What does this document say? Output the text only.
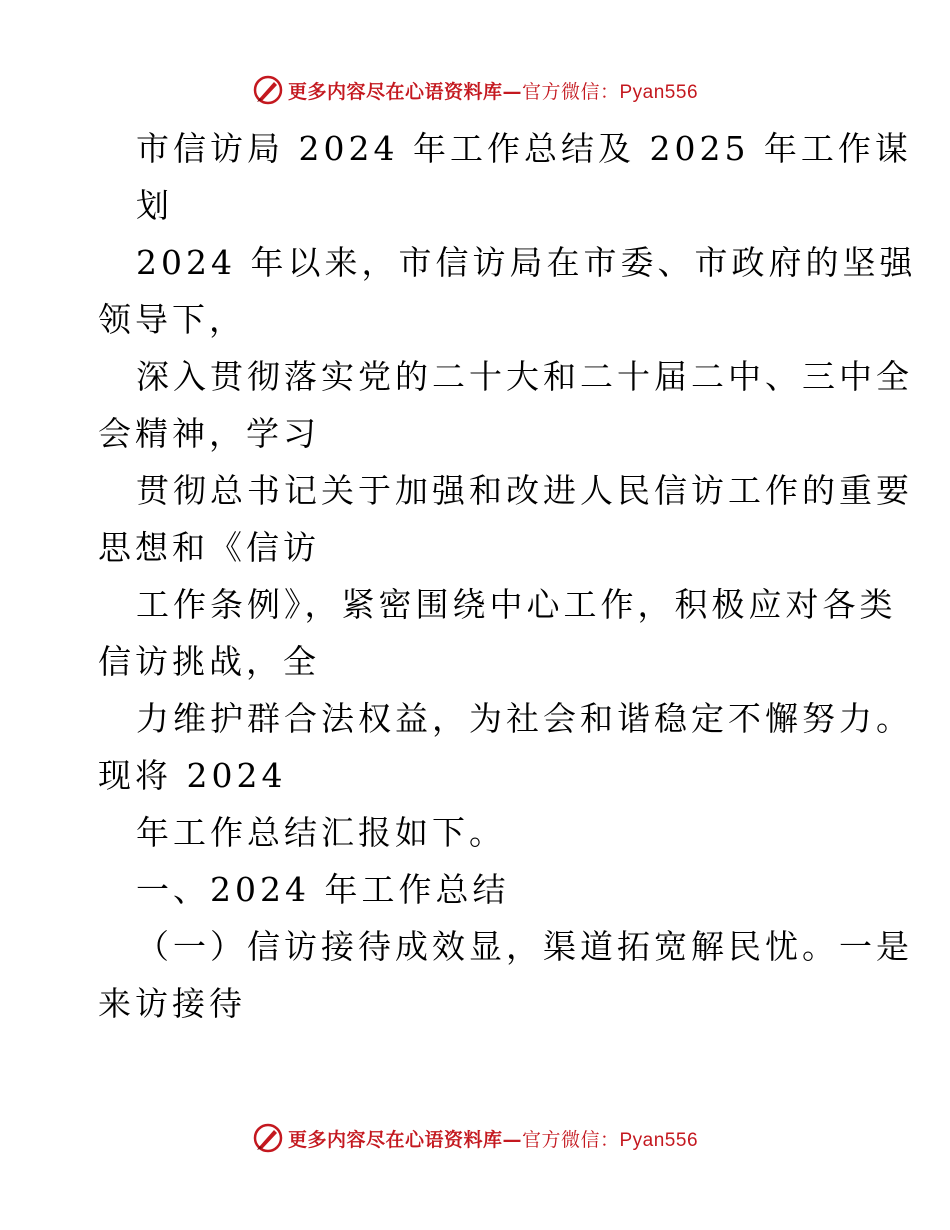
更多内容尽在心语资料库—官方微信：Pyan556
市信访局 2024 年工作总结及 2025 年工作谋
划
2024 年以来，市信访局在市委、市政府的坚强
领导下，
深入贯彻落实党的二十大和二十届二中、三中全
会精神，学习
贯彻总书记关于加强和改进人民信访工作的重要
思想和《信访
工作条例》，紧密围绕中心工作，积极应对各类
信访挑战，全
力维护群合法权益，为社会和谐稳定不懈努力。
现将 2024
年工作总结汇报如下。
一、2024 年工作总结
（一）信访接待成效显，渠道拓宽解民忧。一是
来访接待
更多内容尽在心语资料库—官方微信：Pyan556
